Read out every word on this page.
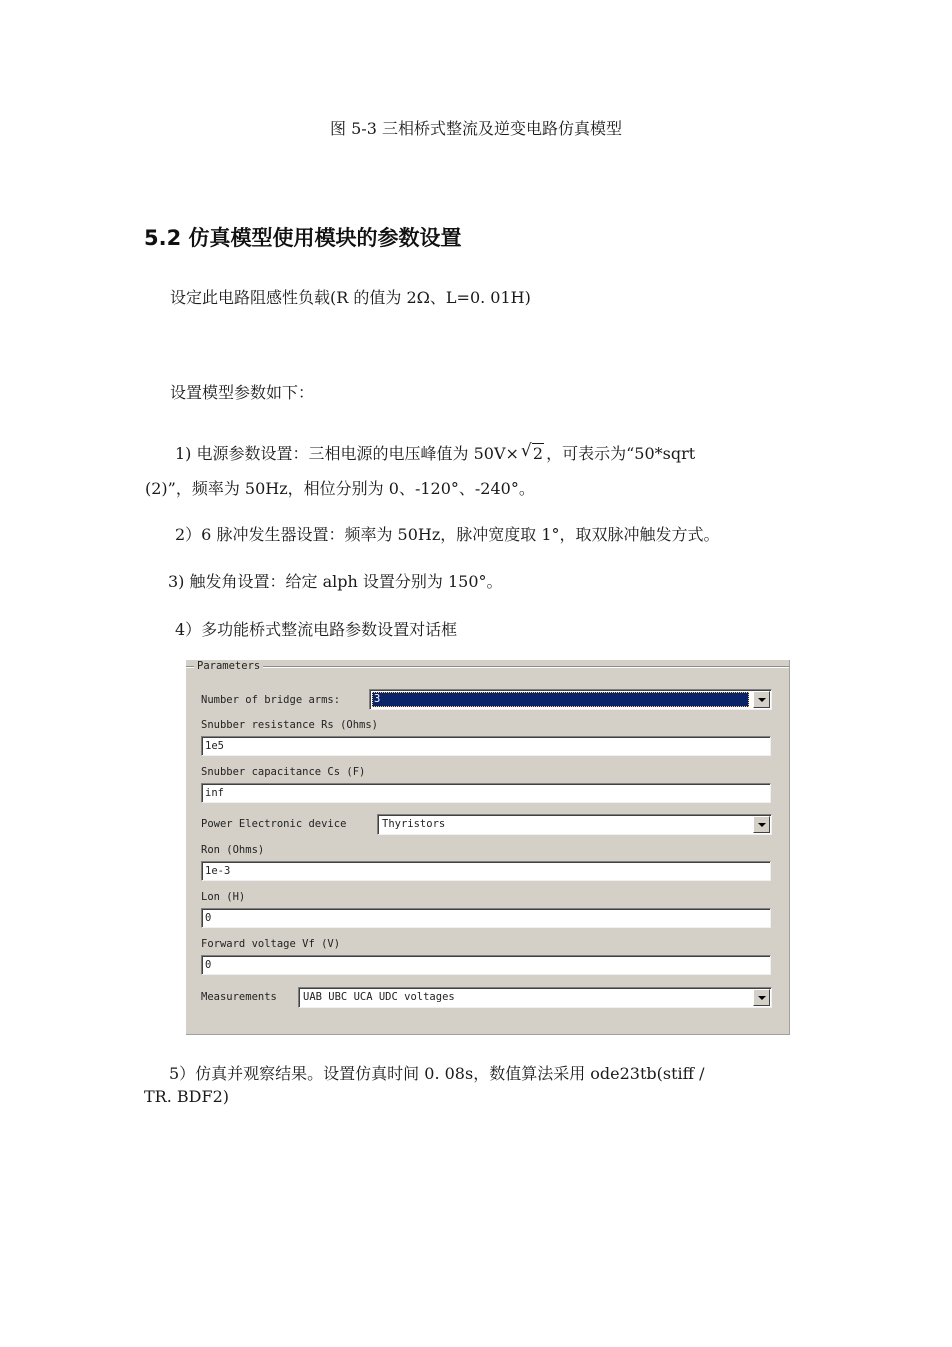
图 5-3 三相桥式整流及逆变电路仿真模型
5.2 仿真模型使用模块的参数设置
设定此电路阻感性负载(R 的值为 2Ω、L=0. 01H)
设置模型参数如下：
1) 电源参数设置：三相电源的电压峰值为 50V× √ 2 ，可表示为“50*sqrt
(2)”，频率为 50Hz，相位分别为 0、-120°、-240°。
2）6 脉冲发生器设置：频率为 50Hz，脉冲宽度取 1°，取双脉冲触发方式。
3) 触发角设置：给定 alph 设置分别为 150°。
4）多功能桥式整流电路参数设置对话框
Parameters
Number of bridge arms:	3
Snubber resistance Rs (Ohms)
1e5
Snubber capacitance Cs (F)
inf
Power Electronic device	Thyristors
Ron (Ohms)
1e-3
Lon (H)
0
Forward voltage Vf (V)
0
Measurements UAB UBC UCA UDC voltages
5）仿真并观察结果。设置仿真时间 0. 08s，数值算法采用 ode23tb(stiff /
TR. BDF2)
